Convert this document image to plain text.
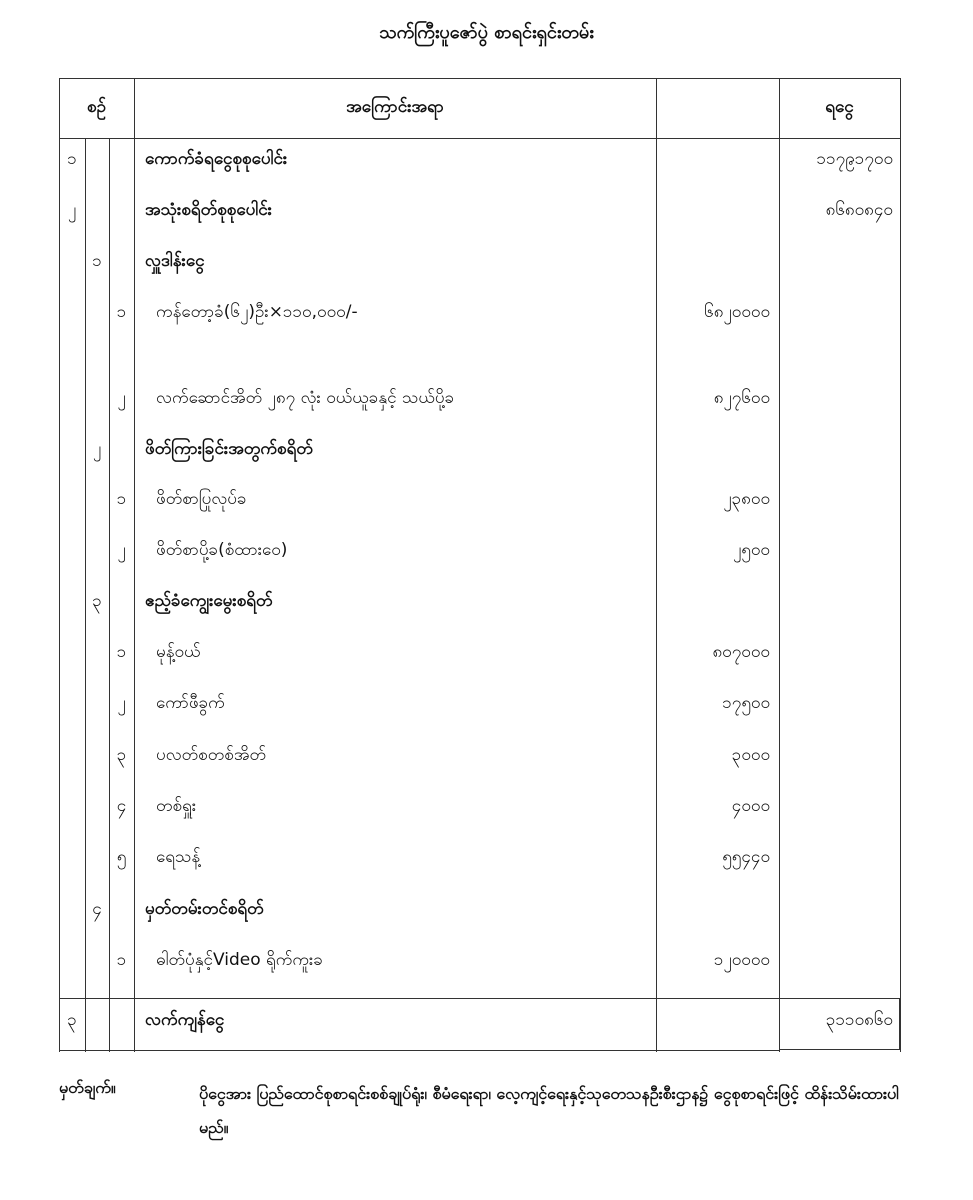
သက်ကြီးပူဇော်ပွဲ စာရင်းရှင်းတမ်း
စဉ်	အကြောင်းအရာ	ရငွေ
၁	ကောက်ခံရငွေစုစုပေါင်း	၁၁၇၉၁၇၀၀
၂	အသုံးစရိတ်စုစုပေါင်း	၈၆၈၀၈၄၀
၁	လှူဒါန်းငွေ
၁	ကန်တော့ခံ(၆၂)ဦး×၁၁၀,၀၀၀/-	၆၈၂၀၀၀၀
၂	လက်ဆောင်အိတ် ၂၈၇ လုံး ဝယ်ယူခနှင့် သယ်ပို့ခ	၈၂၇၆၀၀
၂	ဖိတ်ကြားခြင်းအတွက်စရိတ်
၁	ဖိတ်စာပြုလုပ်ခ	၂၃၈၀၀
၂	ဖိတ်စာပို့ခ(စံထားဝေ)	၂၅၀၀
၃	ဧည့်ခံကျွေးမွေးစရိတ်
၁	မုန့်ဝယ်	၈၀၇၀၀၀
၂	ကော်ဖီခွက်	၁၇၅၀၀
၃	ပလတ်စတစ်အိတ်	၃၀၀၀
၄	တစ်ရှူး	၄၀၀၀
၅	ရေသန့်	၅၅၄၄၀
၄	မှတ်တမ်းတင်စရိတ်
၁	ဓါတ်ပုံနှင့်Video ရိုက်ကူးခ	၁၂၀၀၀၀
၃	လက်ကျန်ငွေ	၃၁၁၀၈၆၀
မှတ်ချက်။	ပိုငွေအား ပြည်ထောင်စုစာရင်းစစ်ချုပ်ရုံး၊ စီမံရေးရာ၊ လေ့ကျင့်ရေးနှင့်သုတေသနဦးစီးဌာန၌ ငွေစုစာရင်းဖြင့် ထိန်းသိမ်းထားပါမည်။
